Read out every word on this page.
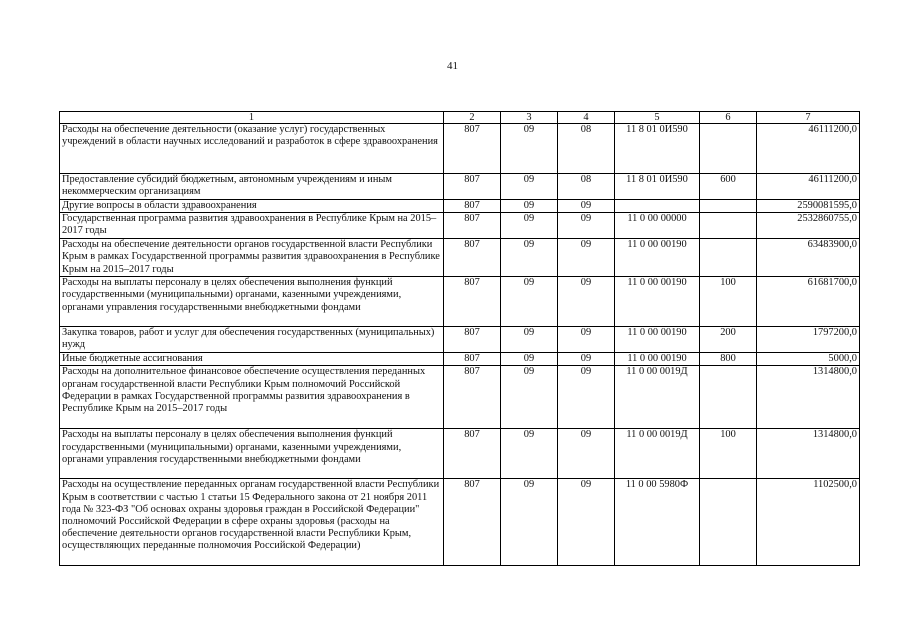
41
1	2	3	4	5	6	7
Расходы на обеспечение деятельности (оказание услуг) государственных учреждений в области научных исследований и разработок в сфере здравоохранения	807	09	08	11 8 01 0И590		46111200,0
Предоставление субсидий бюджетным, автономным учреждениям и иным некоммерческим организациям	807	09	08	11 8 01 0И590	600	46111200,0
Другие вопросы в области здравоохранения	807	09	09			2590081595,0
Государственная программа развития здравоохранения в Республике Крым на 2015–2017 годы	807	09	09	11 0 00 00000		2532860755,0
Расходы на обеспечение деятельности органов государственной власти Республики Крым в рамках Государственной программы развития здравоохранения в Республике Крым на 2015–2017 годы	807	09	09	11 0 00 00190		63483900,0
Расходы на выплаты персоналу в целях обеспечения выполнения функций государственными (муниципальными) органами, казенными учреждениями, органами управления государственными внебюджетными фондами	807	09	09	11 0 00 00190	100	61681700,0
Закупка товаров, работ и услуг для обеспечения государственных (муниципальных) нужд	807	09	09	11 0 00 00190	200	1797200,0
Иные бюджетные ассигнования	807	09	09	11 0 00 00190	800	5000,0
Расходы на дополнительное финансовое обеспечение осуществления переданных органам государственной власти Республики Крым полномочий Российской Федерации в рамках Государственной программы развития здравоохранения в Республике Крым на 2015–2017 годы	807	09	09	11 0 00 0019Д		1314800,0
Расходы на выплаты персоналу в целях обеспечения выполнения функций государственными (муниципальными) органами, казенными учреждениями, органами управления государственными внебюджетными фондами	807	09	09	11 0 00 0019Д	100	1314800,0
Расходы на осуществление переданных органам государственной власти Республики Крым в соответствии с частью 1 статьи 15 Федерального закона от 21 ноября 2011 года № 323-ФЗ "Об основах охраны здоровья граждан в Российской Федерации" полномочий Российской Федерации в сфере охраны здоровья (расходы на обеспечение деятельности органов государственной власти Республики Крым, осуществляющих переданные полномочия Российской Федерации)	807	09	09	11 0 00 5980Ф		1102500,0
